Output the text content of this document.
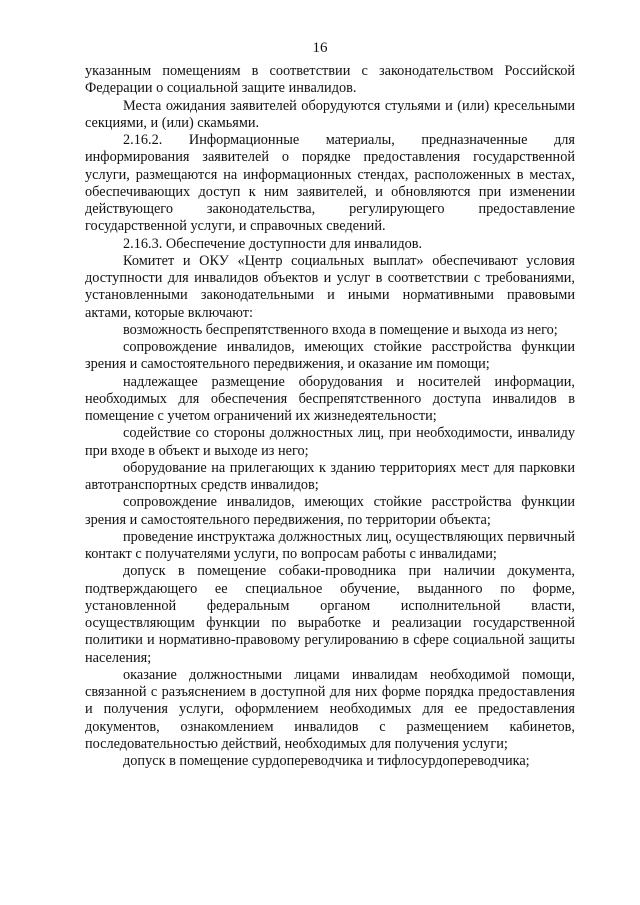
16

указанным помещениям в соответствии с законодательством Российской Федерации о социальной защите инвалидов.

Места ожидания заявителей оборудуются стульями и (или) кресельными секциями, и (или) скамьями.

2.16.2. Информационные материалы, предназначенные для информирования заявителей о порядке предоставления государственной услуги, размещаются на информационных стендах, расположенных в местах, обеспечивающих доступ к ним заявителей, и обновляются при изменении действующего законодательства, регулирующего предоставление государственной услуги, и справочных сведений.

2.16.3. Обеспечение доступности для инвалидов.

Комитет и ОКУ «Центр социальных выплат» обеспечивают условия доступности для инвалидов объектов и услуг в соответствии с требованиями, установленными законодательными и иными нормативными правовыми актами, которые включают:

возможность беспрепятственного входа в помещение и выхода из него;

сопровождение инвалидов, имеющих стойкие расстройства функции зрения и самостоятельного передвижения, и оказание им помощи;

надлежащее размещение оборудования и носителей информации, необходимых для обеспечения беспрепятственного доступа инвалидов в помещение с учетом ограничений их жизнедеятельности;

содействие со стороны должностных лиц, при необходимости, инвалиду при входе в объект и выходе из него;

оборудование на прилегающих к зданию территориях мест для парковки автотранспортных средств инвалидов;

сопровождение инвалидов, имеющих стойкие расстройства функции зрения и самостоятельного передвижения, по территории объекта;

проведение инструктажа должностных лиц, осуществляющих первичный контакт с получателями услуги, по вопросам работы с инвалидами;

допуск в помещение собаки-проводника при наличии документа, подтверждающего ее специальное обучение, выданного по форме, установленной федеральным органом исполнительной власти, осуществляющим функции по выработке и реализации государственной политики и нормативно-правовому регулированию в сфере социальной защиты населения;

оказание должностными лицами инвалидам необходимой помощи, связанной с разъяснением в доступной для них форме порядка предоставления и получения услуги, оформлением необходимых для ее предоставления документов, ознакомлением инвалидов с размещением кабинетов, последовательностью действий, необходимых для получения услуги;

допуск в помещение сурдопереводчика и тифлосурдопереводчика;
